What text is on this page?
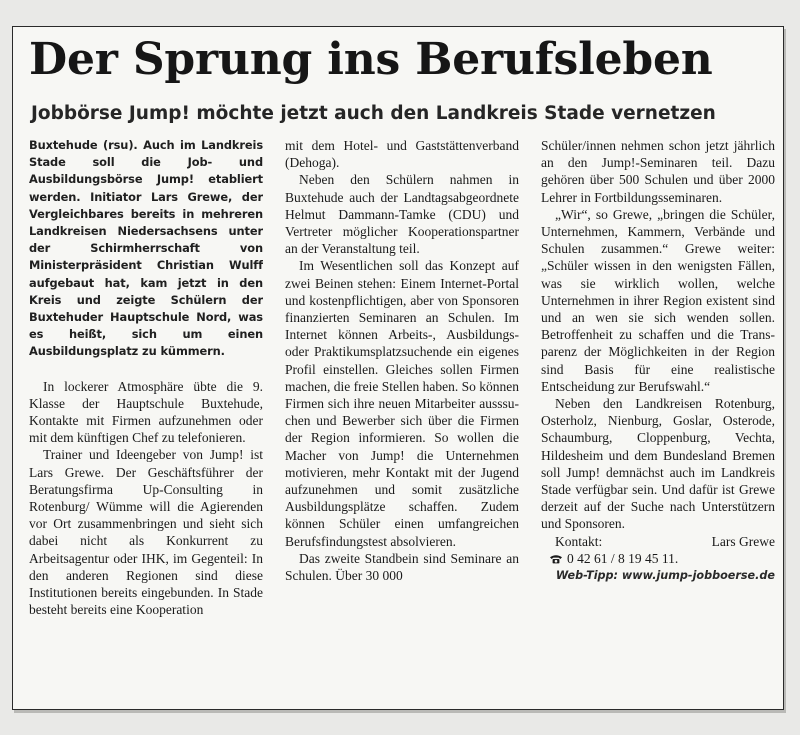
Der Sprung ins Berufsleben
Jobbörse Jump! möchte jetzt auch den Landkreis Stade vernetzen

Buxtehude (rsu). Auch im Landkreis Stade soll die Job- und Ausbildungsbörse Jump! etabliert werden. Initiator Lars Grewe, der Vergleichbares bereits in mehreren Landkreisen Niedersachsens unter der Schirmherrschaft von Ministerpräsident Christian Wulff aufgebaut hat, kam jetzt in den Kreis und zeigte Schülern der Buxtehuder Hauptschule Nord, was es heißt, sich um einen Ausbildungsplatz zu kümmern.

In lockerer Atmosphäre übte die 9. Klasse der Hauptschule Buxtehude, Kontakte mit Firmen aufzunehmen oder mit dem künftigen Chef zu telefonieren.

Trainer und Ideengeber von Jump! ist Lars Grewe. Der Geschäftsführer der Beratungsfirma Up-Consulting in Rotenburg/ Wümme will die Agierenden vor Ort zusammenbringen und sieht sich dabei nicht als Konkurrent zu Arbeitsagentur oder IHK, im Gegenteil: In den anderen Regionen sind diese Institutionen bereits eingebunden. In Stade besteht bereits eine Kooperation

mit dem Hotel- und Gaststättenverband (Dehoga).

Neben den Schülern nahmen in Buxtehude auch der Landtagsabgeordnete Helmut Dammann-Tamke (CDU) und Vertreter möglicher Kooperationspartner an der Veranstaltung teil.

Im Wesentlichen soll das Konzept auf zwei Beinen stehen: Einem Internet-Portal und kostenpflichtigen, aber von Sponsoren finanzierten Seminaren an Schulen. Im Internet können Arbeits-, Ausbildungs- oder Praktikumsplatzsuchende ein eigenes Profil einstellen. Gleiches sollen Firmen machen, die freie Stellen haben. So können Firmen sich ihre neuen Mitarbeiter ausssuchen und Bewerber sich über die Firmen der Region informieren. So wollen die Macher von Jump! die Unternehmen motivieren, mehr Kontakt mit der Jugend aufzunehmen und somit zusätzliche Ausbildungsplätze schaffen. Zudem können Schüler einen umfangreichen Berufsfindungstest absolvieren.

Das zweite Standbein sind Seminare an Schulen. Über 30 000

Schüler/innen nehmen schon jetzt jährlich an den Jump!-Seminaren teil. Dazu gehören über 500 Schulen und über 2000 Lehrer in Fortbildungsseminaren.

„Wir“, so Grewe, „bringen die Schüler, Unternehmen, Kammern, Verbände und Schulen zusammen.“ Grewe weiter: „Schüler wissen in den wenigsten Fällen, was sie wirklich wollen, welche Unternehmen in ihrer Region existent sind und an wen sie sich wenden sollen. Betroffenheit zu schaffen und die Transparenz der Möglichkeiten in der Region sind Basis für eine realistische Entscheidung zur Berufswahl.“

Neben den Landkreisen Rotenburg, Osterholz, Nienburg, Goslar, Osterode, Schaumburg, Cloppenburg, Vechta, Hildesheim und dem Bundesland Bremen soll Jump! demnächst auch im Landkreis Stade verfügbar sein. Und dafür ist Grewe derzeit auf der Suche nach Unterstützern und Sponsoren.

Kontakt:	Lars Grewe
0 42 61 / 8 19 45 11.
Web-Tipp: www.jump-jobboerse.de
